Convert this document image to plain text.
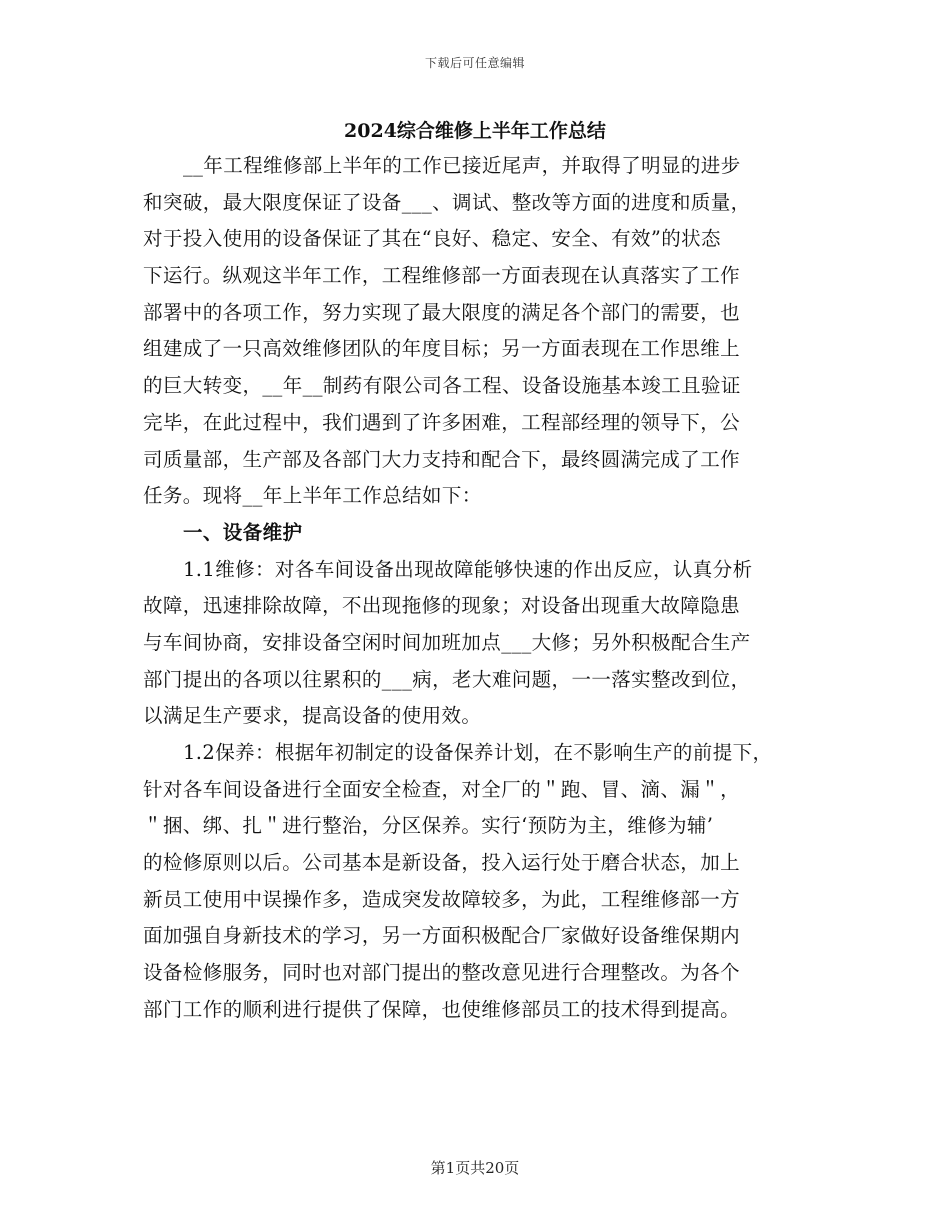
下载后可任意编辑
2024综合维修上半年工作总结
__年工程维修部上半年的工作已接近尾声，并取得了明显的进步
和突破，最大限度保证了设备___、调试、整改等方面的进度和质量，
对于投入使用的设备保证了其在“良好、稳定、安全、有效”的状态
下运行。纵观这半年工作，工程维修部一方面表现在认真落实了工作
部署中的各项工作，努力实现了最大限度的满足各个部门的需要，也
组建成了一只高效维修团队的年度目标；另一方面表现在工作思维上
的巨大转变，__年__制药有限公司各工程、设备设施基本竣工且验证
完毕，在此过程中，我们遇到了许多困难，工程部经理的领导下，公
司质量部，生产部及各部门大力支持和配合下，最终圆满完成了工作
任务。现将__年上半年工作总结如下：
一、设备维护
1.1维修：对各车间设备出现故障能够快速的作出反应，认真分析
故障，迅速排除故障，不出现拖修的现象；对设备出现重大故障隐患
与车间协商，安排设备空闲时间加班加点___大修；另外积极配合生产
部门提出的各项以往累积的___病，老大难问题，一一落实整改到位，
以满足生产要求，提高设备的使用效。
1.2保养：根据年初制定的设备保养计划，在不影响生产的前提下，
针对各车间设备进行全面安全检查，对全厂的＂跑、冒、滴、漏＂，
＂捆、绑、扎＂进行整治，分区保养。实行‘预防为主，维修为辅’
的检修原则以后。公司基本是新设备，投入运行处于磨合状态，加上
新员工使用中误操作多，造成突发故障较多，为此，工程维修部一方
面加强自身新技术的学习，另一方面积极配合厂家做好设备维保期内
设备检修服务，同时也对部门提出的整改意见进行合理整改。为各个
部门工作的顺利进行提供了保障，也使维修部员工的技术得到提高。
第1页共20页
